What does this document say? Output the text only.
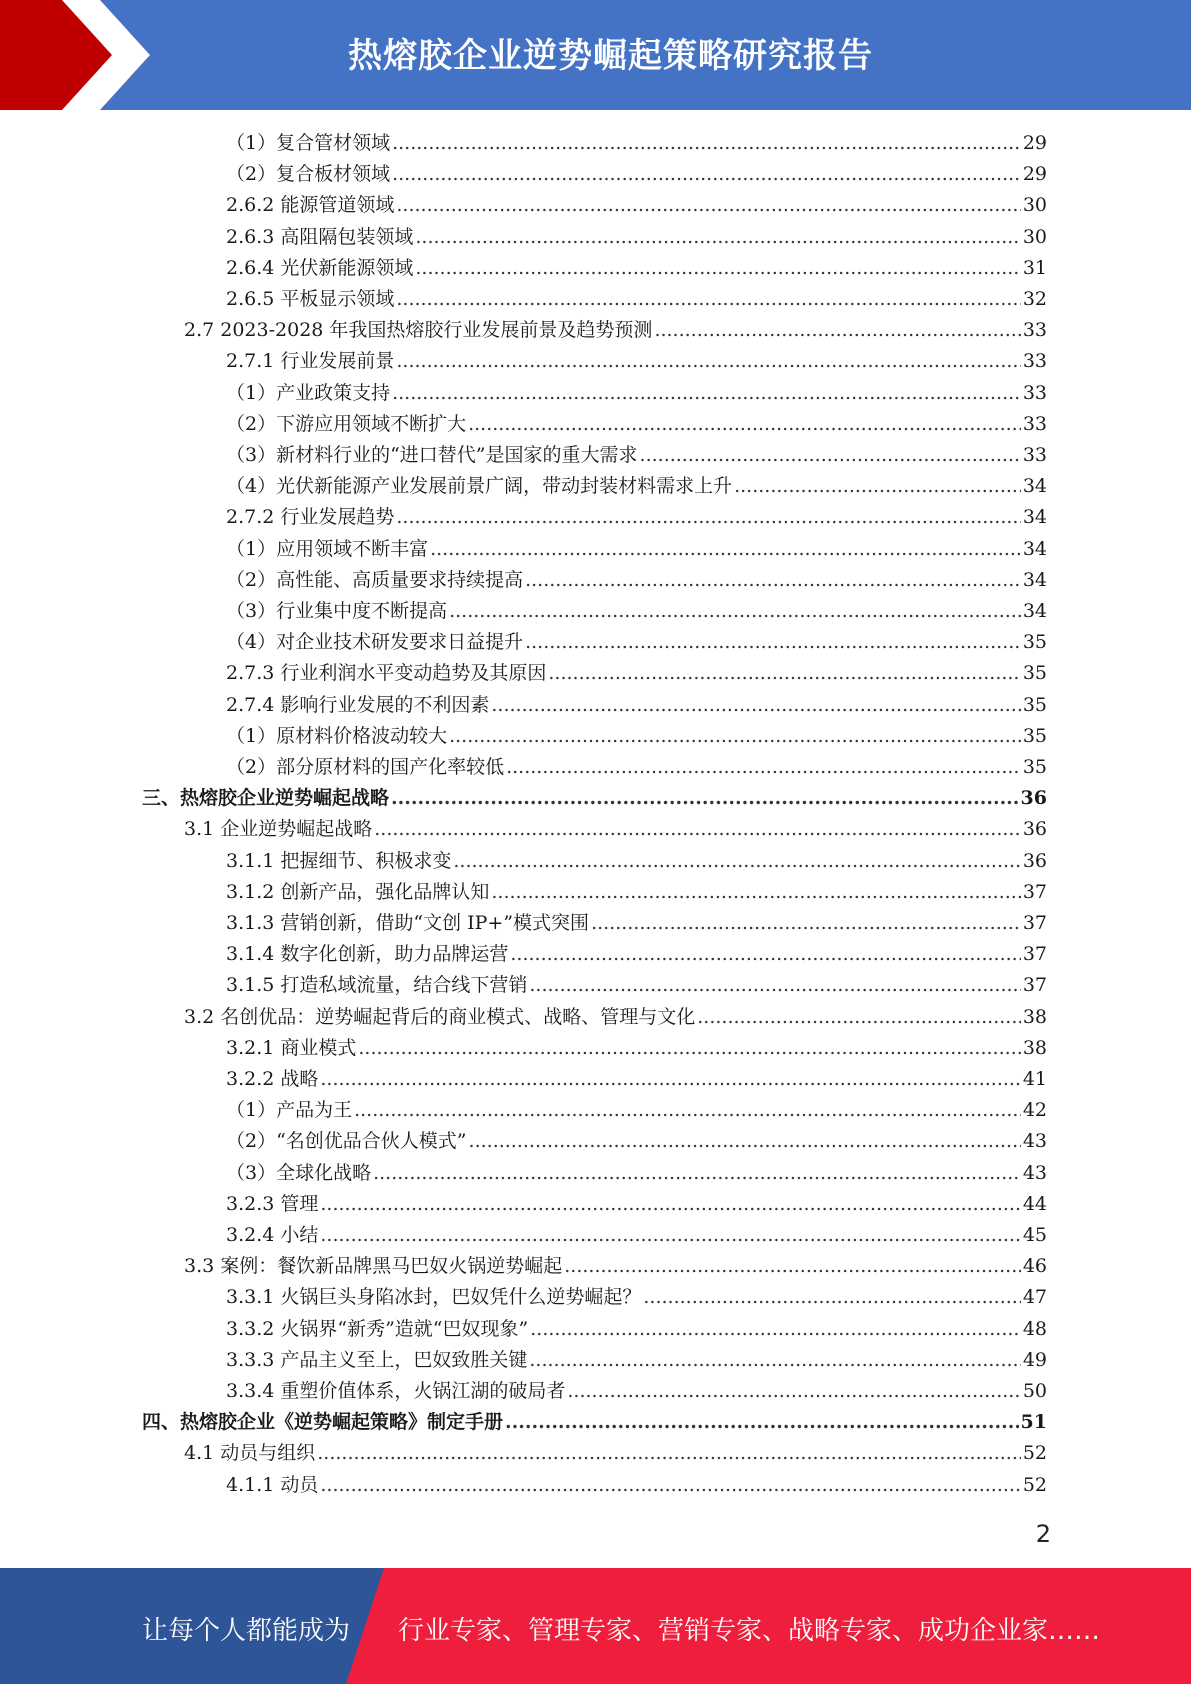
热熔胶企业逆势崛起策略研究报告
（1）复合管材领域 .....	29
（2）复合板材领域 .....	29
2.6.2 能源管道领域 .....	30
2.6.3 高阻隔包装领域 .....	30
2.6.4 光伏新能源领域 .....	31
2.6.5 平板显示领域 .....	32
2.7 2023-2028 年我国热熔胶行业发展前景及趋势预测 .....	33
2.7.1 行业发展前景 .....	33
（1）产业政策支持 .....	33
（2）下游应用领域不断扩大 .....	33
（3）新材料行业的“进口替代”是国家的重大需求 .....	33
（4）光伏新能源产业发展前景广阔，带动封装材料需求上升 .....	34
2.7.2 行业发展趋势 .....	34
（1）应用领域不断丰富 .....	34
（2）高性能、高质量要求持续提高 .....	34
（3）行业集中度不断提高 .....	34
（4）对企业技术研发要求日益提升 .....	35
2.7.3 行业利润水平变动趋势及其原因 .....	35
2.7.4 影响行业发展的不利因素 .....	35
（1）原材料价格波动较大 .....	35
（2）部分原材料的国产化率较低 .....	35
三、热熔胶企业逆势崛起战略 .....	36
3.1 企业逆势崛起战略 .....	36
3.1.1 把握细节、积极求变 .....	36
3.1.2 创新产品，强化品牌认知 .....	37
3.1.3 营销创新，借助“文创 IP+”模式突围 .....	37
3.1.4 数字化创新，助力品牌运营 .....	37
3.1.5 打造私域流量，结合线下营销 .....	37
3.2 名创优品：逆势崛起背后的商业模式、战略、管理与文化 .....	38
3.2.1 商业模式 .....	38
3.2.2 战略 .....	41
（1）产品为王 .....	42
（2）“名创优品合伙人模式” .....	43
（3）全球化战略 .....	43
3.2.3 管理 .....	44
3.2.4 小结 .....	45
3.3 案例：餐饮新品牌黑马巴奴火锅逆势崛起 .....	46
3.3.1 火锅巨头身陷冰封，巴奴凭什么逆势崛起？ .....	47
3.3.2 火锅界“新秀”造就“巴奴现象” .....	48
3.3.3 产品主义至上，巴奴致胜关键 .....	49
3.3.4 重塑价值体系，火锅江湖的破局者 .....	50
四、热熔胶企业《逆势崛起策略》制定手册 .....	51
4.1 动员与组织 .....	52
4.1.1 动员 .....	52
2
让每个人都能成为 行业专家、管理专家、营销专家、战略专家、成功企业家……
